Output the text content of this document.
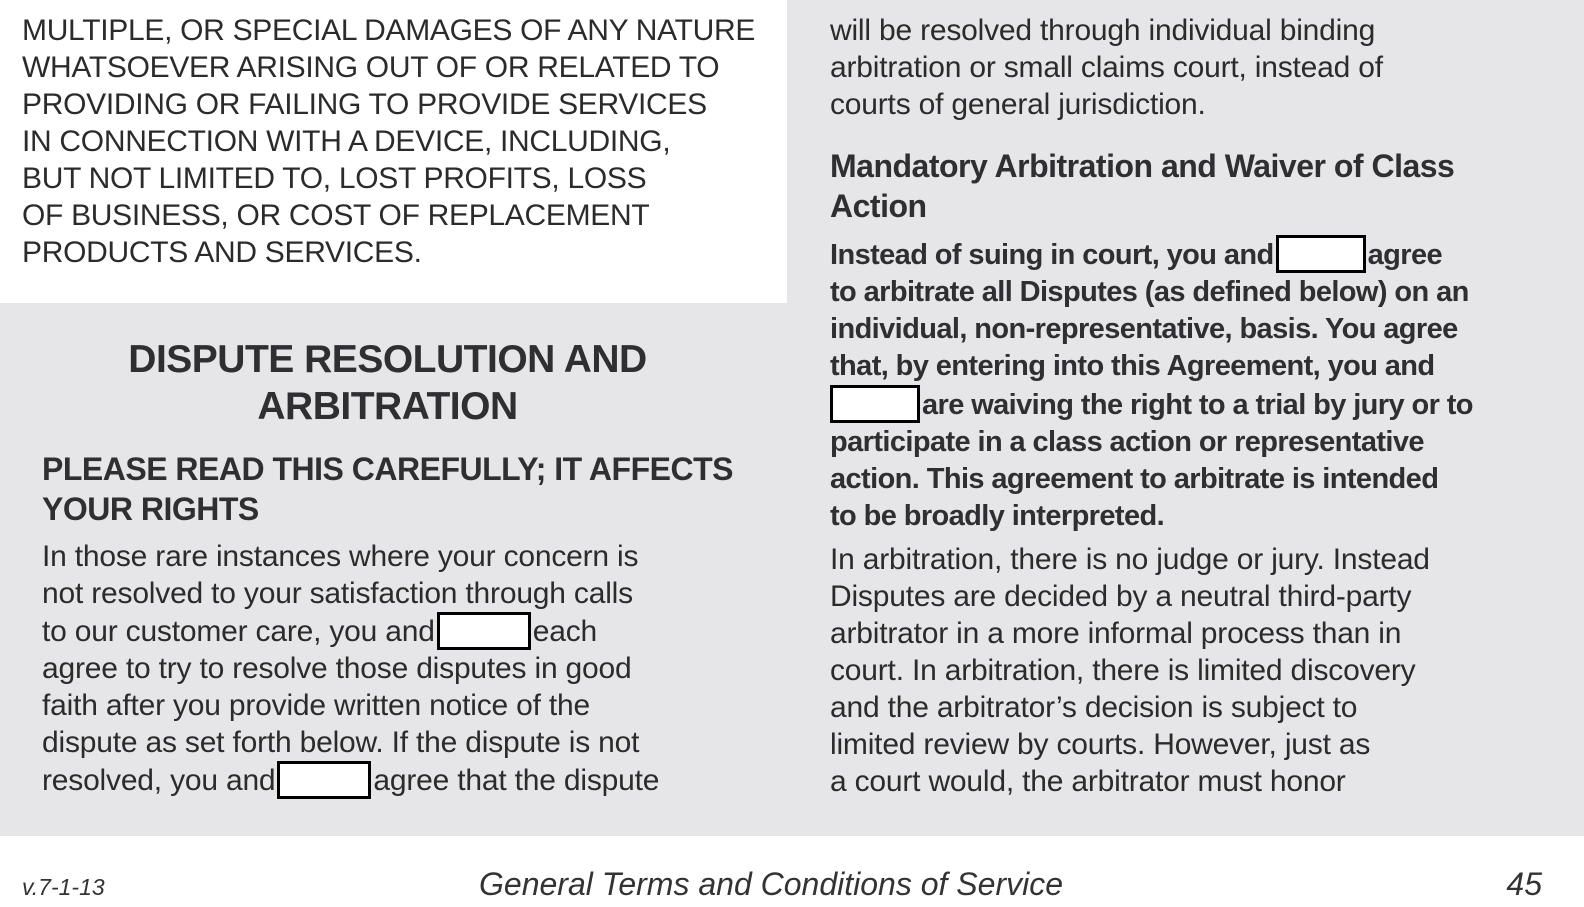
MULTIPLE, OR SPECIAL DAMAGES OF ANY NATURE
WHATSOEVER ARISING OUT OF OR RELATED TO
PROVIDING OR FAILING TO PROVIDE SERVICES
IN CONNECTION WITH A DEVICE, INCLUDING,
BUT NOT LIMITED TO, LOST PROFITS, LOSS
OF BUSINESS, OR COST OF REPLACEMENT
PRODUCTS AND SERVICES.
DISPUTE RESOLUTION AND
ARBITRATION
PLEASE READ THIS CAREFULLY; IT AFFECTS
YOUR RIGHTS
In those rare instances where your concern is
not resolved to your satisfaction through calls
to our customer care, you and	each
agree to try to resolve those disputes in good
faith after you provide written notice of the
dispute as set forth below. If the dispute is not
resolved, you and	agree that the dispute
will be resolved through individual binding
arbitration or small claims court, instead of
courts of general jurisdiction.
Mandatory Arbitration and Waiver of Class
Action
Instead of suing in court, you and	agree
to arbitrate all Disputes (as defined below) on an
individual, non-representative, basis. You agree
that, by entering into this Agreement, you and
are waiving the right to a trial by jury or to
participate in a class action or representative
action. This agreement to arbitrate is intended
to be broadly interpreted.
In arbitration, there is no judge or jury. Instead
Disputes are decided by a neutral third-party
arbitrator in a more informal process than in
court. In arbitration, there is limited discovery
and the arbitrator’s decision is subject to
limited review by courts. However, just as
a court would, the arbitrator must honor
v.7-1-13	General Terms and Conditions of Service	45
